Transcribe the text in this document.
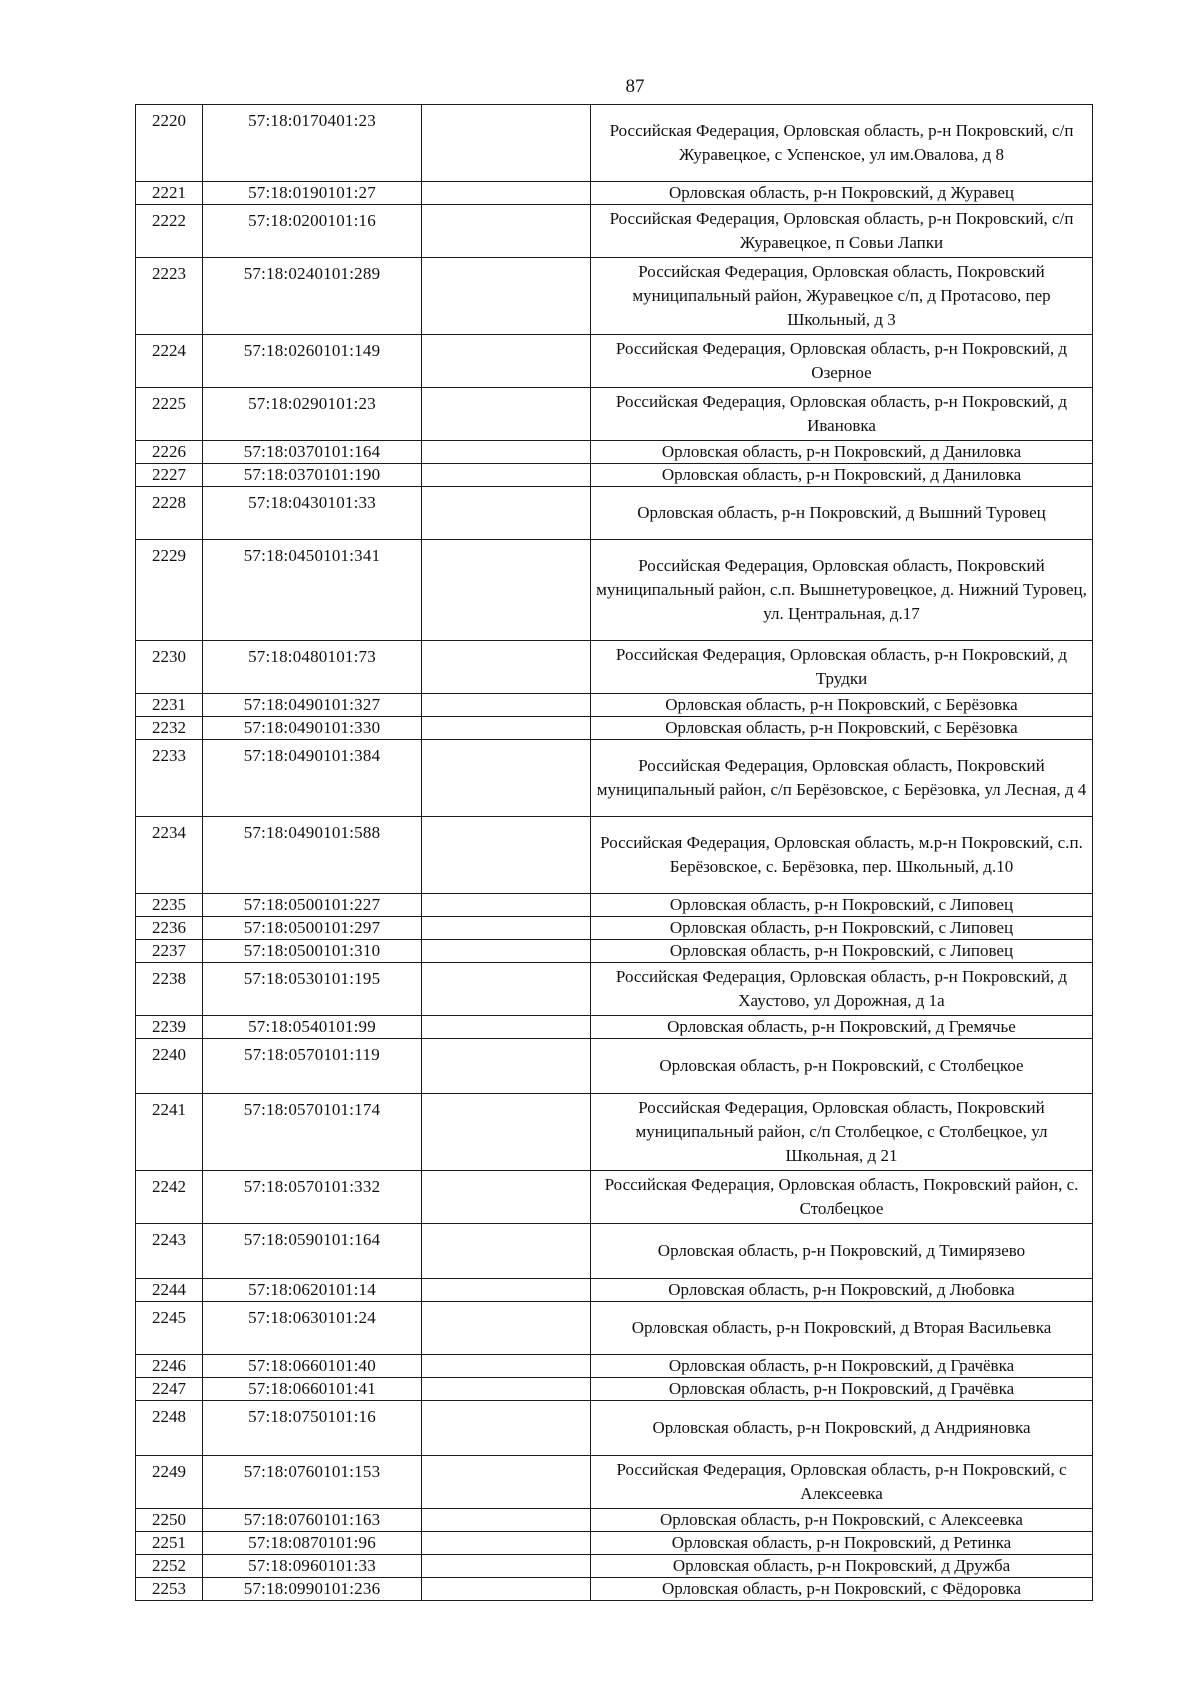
87
2220	57:18:0170401:23		Российская Федерация, Орловская область, р-н Покровский, с/п Журавецкое, с Успенское, ул им.Овалова, д 8
2221	57:18:0190101:27		Орловская область, р-н Покровский, д Журавец
2222	57:18:0200101:16		Российская Федерация, Орловская область, р-н Покровский, с/п Журавецкое, п Совьи Лапки
2223	57:18:0240101:289		Российская Федерация, Орловская область, Покровский муниципальный район, Журавецкое с/п, д Протасово, пер Школьный, д 3
2224	57:18:0260101:149		Российская Федерация, Орловская область, р-н Покровский, д Озерное
2225	57:18:0290101:23		Российская Федерация, Орловская область, р-н Покровский, д Ивановка
2226	57:18:0370101:164		Орловская область, р-н Покровский, д Даниловка
2227	57:18:0370101:190		Орловская область, р-н Покровский, д Даниловка
2228	57:18:0430101:33		Орловская область, р-н Покровский, д Вышний Туровец
2229	57:18:0450101:341		Российская Федерация, Орловская область, Покровский муниципальный район, с.п. Вышнетуровецкое, д. Нижний Туровец, ул. Центральная, д.17
2230	57:18:0480101:73		Российская Федерация, Орловская область, р-н Покровский, д Трудки
2231	57:18:0490101:327		Орловская область, р-н Покровский, с Берёзовка
2232	57:18:0490101:330		Орловская область, р-н Покровский, с Берёзовка
2233	57:18:0490101:384		Российская Федерация, Орловская область, Покровский муниципальный район, с/п Берёзовское, с Берёзовка, ул Лесная, д 4
2234	57:18:0490101:588		Российская Федерация, Орловская область, м.р-н Покровский, с.п. Берёзовское, с. Берёзовка, пер. Школьный, д.10
2235	57:18:0500101:227		Орловская область, р-н Покровский, с Липовец
2236	57:18:0500101:297		Орловская область, р-н Покровский, с Липовец
2237	57:18:0500101:310		Орловская область, р-н Покровский, с Липовец
2238	57:18:0530101:195		Российская Федерация, Орловская область, р-н Покровский, д Хаустово, ул Дорожная, д 1а
2239	57:18:0540101:99		Орловская область, р-н Покровский, д Гремячье
2240	57:18:0570101:119		Орловская область, р-н Покровский, с Столбецкое
2241	57:18:0570101:174		Российская Федерация, Орловская область, Покровский муниципальный район, с/п Столбецкое, с Столбецкое, ул Школьная, д 21
2242	57:18:0570101:332		Российская Федерация, Орловская область, Покровский район, с. Столбецкое
2243	57:18:0590101:164		Орловская область, р-н Покровский, д Тимирязево
2244	57:18:0620101:14		Орловская область, р-н Покровский, д Любовка
2245	57:18:0630101:24		Орловская область, р-н Покровский, д Вторая Васильевка
2246	57:18:0660101:40		Орловская область, р-н Покровский, д Грачёвка
2247	57:18:0660101:41		Орловская область, р-н Покровский, д Грачёвка
2248	57:18:0750101:16		Орловская область, р-н Покровский, д Андрияновка
2249	57:18:0760101:153		Российская Федерация, Орловская область, р-н Покровский, с Алексеевка
2250	57:18:0760101:163		Орловская область, р-н Покровский, с Алексеевка
2251	57:18:0870101:96		Орловская область, р-н Покровский, д Ретинка
2252	57:18:0960101:33		Орловская область, р-н Покровский, д Дружба
2253	57:18:0990101:236		Орловская область, р-н Покровский, с Фёдоровка
